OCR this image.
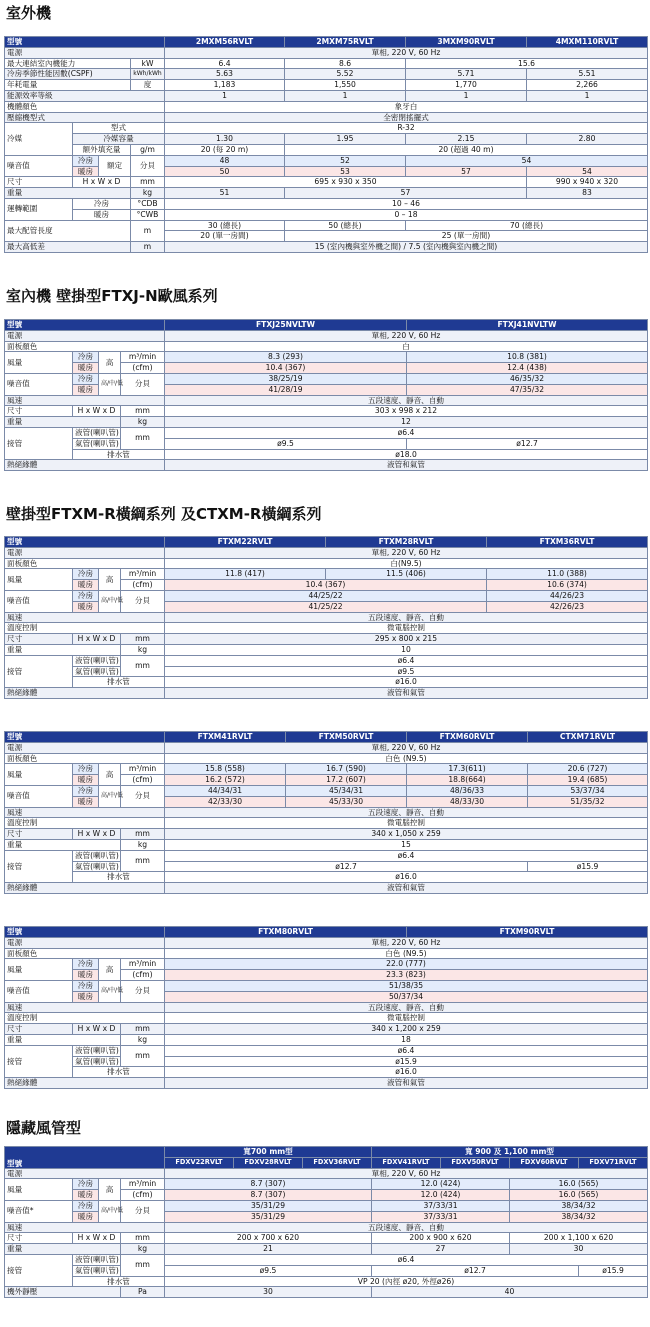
室外機
型號				2MXM56RVLT	2MXM75RVLT	3MXM90RVLT	4MXM110RVLT
電源				單相, 220 V, 60 Hz			
最大連結室內機能力			kW	6.4	8.6	15.6	
冷房季節性能因數(CSPF)			kWh/kWh	5.63	5.52	5.71	5.51
年耗電量			度	1,183	1,550	1,770	2,266
能源效率等級				1	1	1	1
機體顏色				象牙白			
壓縮機型式				全密閉搖擺式			
冷媒	型式			R-32			
	冷媒容量			1.30	1.95	2.15	2.80
	額外填充量		g/m	20 (每 20 m)	20 (超過 40 m)		
噪音值	冷房	額定	分貝	48	52	54	
	暖房			50	53	57	54
尺寸	H x W x D		mm	695 x 930 x 350			990 x 940 x 320
重量			kg	51	57		83
運轉範圍	冷房		°CDB	10 – 46			
	暖房		°CWB	0 – 18			
最大配管長度			m	30 (總長)	50 (總長)	70 (總長)	
				20 (單一房間)	25 (單一房間)		
最大高低差			m	15 (室內機與室外機之間) / 7.5 (室內機與室內機之間)			
室內機 壁掛型FTXJ-N歐風系列
型號				FTXJ25NVLTW	FTXJ41NVLTW
電源				單相, 220 V, 60 Hz	
面板顏色				白	
風量	冷房	高	m³/min	8.3 (293)	10.8 (381)
	暖房		(cfm)	10.4 (367)	12.4 (438)
噪音值	冷房	高/中/低	分貝	38/25/19	46/35/32
	暖房			41/28/19	47/35/32
風速				五段速度、靜音、自動	
尺寸	H x W x D		mm	303 x 998 x 212	
重量			kg	12	
接管	液管(喇叭管)		mm	ø6.4	
	氣管(喇叭管)			ø9.5	ø12.7
	排水管			ø18.0	
熱絕緣體				液管和氣管	
壁掛型FTXM-R橫綱系列 及CTXM-R橫綱系列
型號				FTXM22RVLT	FTXM28RVLT	FTXM36RVLT
電源				單相, 220 V, 60 Hz		
面板顏色				白(N9.5)		
風量	冷房	高	m³/min	11.8 (417)	11.5 (406)	11.0 (388)
	暖房		(cfm)	10.4 (367)		10.6 (374)
噪音值	冷房	高/中/低	分貝	44/25/22		44/26/23
	暖房			41/25/22		42/26/23
風速				五段速度、靜音、自動		
溫度控制				微電腦控制		
尺寸	H x W x D		mm	295 x 800 x 215		
重量			kg	10		
接管	液管(喇叭管)		mm	ø6.4		
	氣管(喇叭管)			ø9.5		
	排水管			ø16.0		
熱絕緣體				液管和氣管		
型號				FTXM41RVLT	FTXM50RVLT	FTXM60RVLT	CTXM71RVLT
電源				單相, 220 V, 60 Hz			
面板顏色				白色 (N9.5)			
風量	冷房	高	m³/min	15.8 (558)	16.7 (590)	17.3(611)	20.6 (727)
	暖房		(cfm)	16.2 (572)	17.2 (607)	18.8(664)	19.4 (685)
噪音值	冷房	高/中/低	分貝	44/34/31	45/34/31	48/36/33	53/37/34
	暖房			42/33/30	45/33/30	48/33/30	51/35/32
風速				五段速度、靜音、自動			
溫度控制				微電腦控制			
尺寸	H x W x D		mm	340 x 1,050 x 259			
重量			kg	15			
接管	液管(喇叭管)		mm	ø6.4			
	氣管(喇叭管)			ø12.7			ø15.9
	排水管			ø16.0			
熱絕緣體				液管和氣管			
型號				FTXM80RVLT	FTXM90RVLT
電源				單相, 220 V, 60 Hz	
面板顏色				白色 (N9.5)	
風量	冷房	高	m³/min	22.0 (777)	
	暖房		(cfm)	23.3 (823)	
噪音值	冷房	高/中/低	分貝	51/38/35	
	暖房			50/37/34	
風速				五段速度、靜音、自動	
溫度控制				微電腦控制	
尺寸	H x W x D		mm	340 x 1,200 x 259	
重量			kg	18	
接管	液管(喇叭管)		mm	ø6.4	
	氣管(喇叭管)			ø15.9	
	排水管			ø16.0	
熱絕緣體				液管和氣管	
隱藏風管型
型號				寬700 mm型			寬 900 及 1,100 mm型			
				FDXV22RVLT	FDXV28RVLT	FDXV36RVLT	FDXV41RVLT	FDXV50RVLT	FDXV60RVLT	FDXV71RVLT
電源				單相, 220 V, 60 Hz						
風量	冷房	高	m³/min	8.7 (307)			12.0 (424)		16.0 (565)	
	暖房		(cfm)	8.7 (307)			12.0 (424)		16.0 (565)	
噪音值*	冷房	高/中/低	分貝	35/31/29			37/33/31		38/34/32	
	暖房			35/31/29			37/33/31		38/34/32	
風速				五段速度、靜音、自動						
尺寸	H x W x D		mm	200 x 700 x 620			200 x 900 x 620		200 x 1,100 x 620	
重量			kg	21			27		30	
接管	液管(喇叭管)		mm	ø6.4						
	氣管(喇叭管)			ø9.5			ø12.7			ø15.9
	排水管			VP 20 (內徑 ø20, 外徑ø26)						
機外靜壓			Pa	30			40			
